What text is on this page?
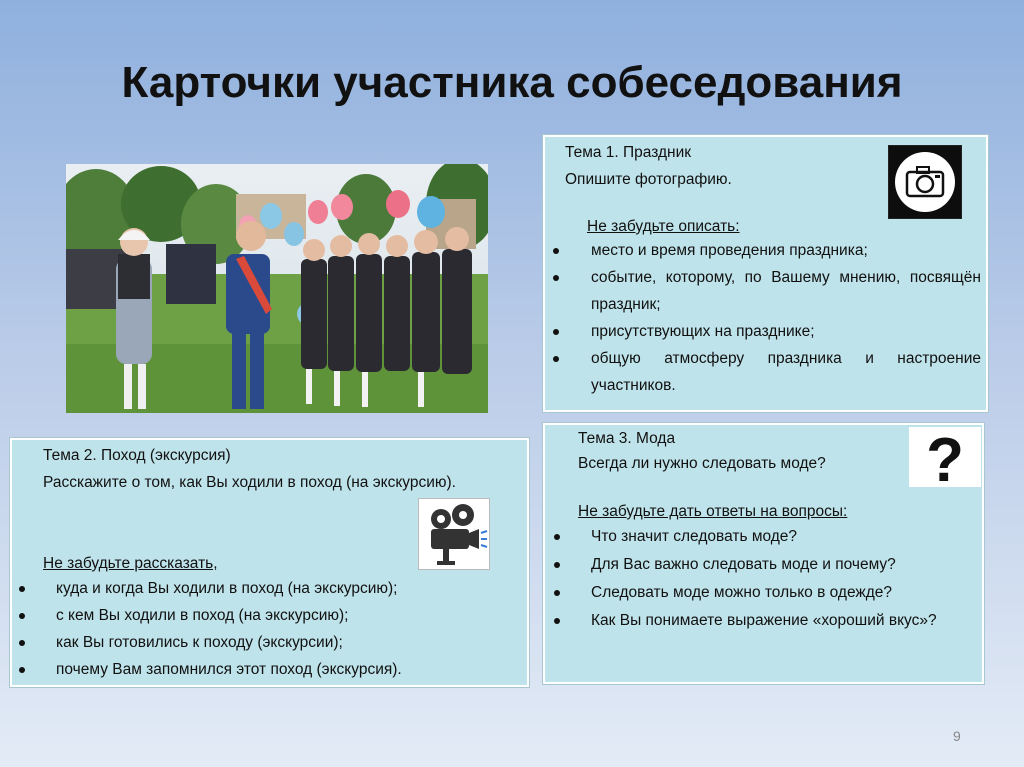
Карточки участника собеседования
Тема 1. Праздник
Опишите фотографию.
Не забудьте описать:
место и время проведения праздника;
событие, которому, по Вашему мнению, посвящён праздник;
присутствующих на празднике;
общую атмосферу праздника и настроение участников.
Тема 2. Поход (экскурсия)
Расскажите о том, как Вы ходили в поход (на экскурсию).
Не забудьте рассказать,
куда и когда Вы ходили в поход (на экскурсию);
с кем Вы ходили в поход (на экскурсию);
как Вы готовились к походу (экскурсии);
почему Вам запомнился этот поход (экскурсия).
Тема 3. Мода
Всегда ли нужно следовать моде? ?
Не забудьте дать ответы на вопросы:
Что значит следовать моде?
Для Вас важно следовать моде и почему?
Следовать моде можно только в одежде?
Как Вы понимаете выражение «хороший вкус»?
9
